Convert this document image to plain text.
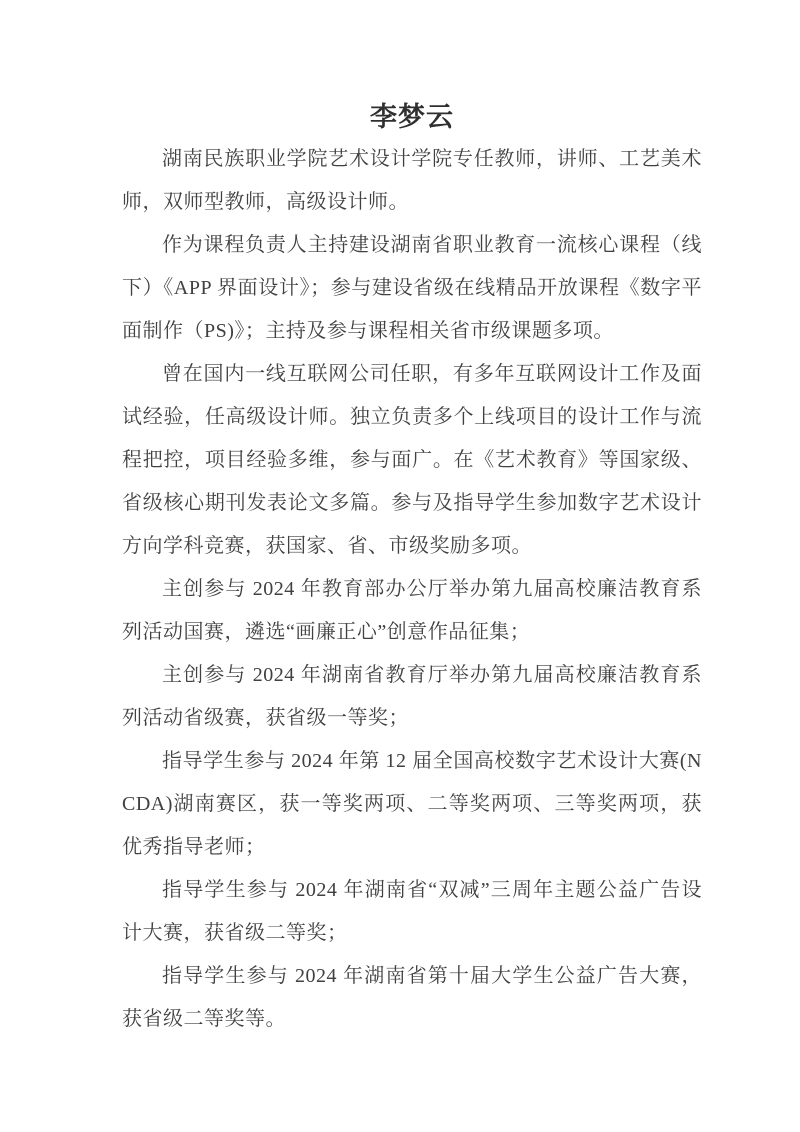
李梦云

湖南民族职业学院艺术设计学院专任教师，讲师、工艺美术师，双师型教师，高级设计师。

作为课程负责人主持建设湖南省职业教育一流核心课程（线下）《APP 界面设计》；参与建设省级在线精品开放课程《数字平面制作（PS)》；主持及参与课程相关省市级课题多项。

曾在国内一线互联网公司任职，有多年互联网设计工作及面试经验，任高级设计师。独立负责多个上线项目的设计工作与流程把控，项目经验多维，参与面广。在《艺术教育》等国家级、省级核心期刊发表论文多篇。参与及指导学生参加数字艺术设计方向学科竞赛，获国家、省、市级奖励多项。

主创参与 2024 年教育部办公厅举办第九届高校廉洁教育系列活动国赛，遴选“画廉正心”创意作品征集；

主创参与 2024 年湖南省教育厅举办第九届高校廉洁教育系列活动省级赛，获省级一等奖；

指导学生参与 2024 年第 12 届全国高校数字艺术设计大赛(NCDA)湖南赛区，获一等奖两项、二等奖两项、三等奖两项，获优秀指导老师；

指导学生参与 2024 年湖南省“双减”三周年主题公益广告设计大赛，获省级二等奖；

指导学生参与 2024 年湖南省第十届大学生公益广告大赛，获省级二等奖等。
